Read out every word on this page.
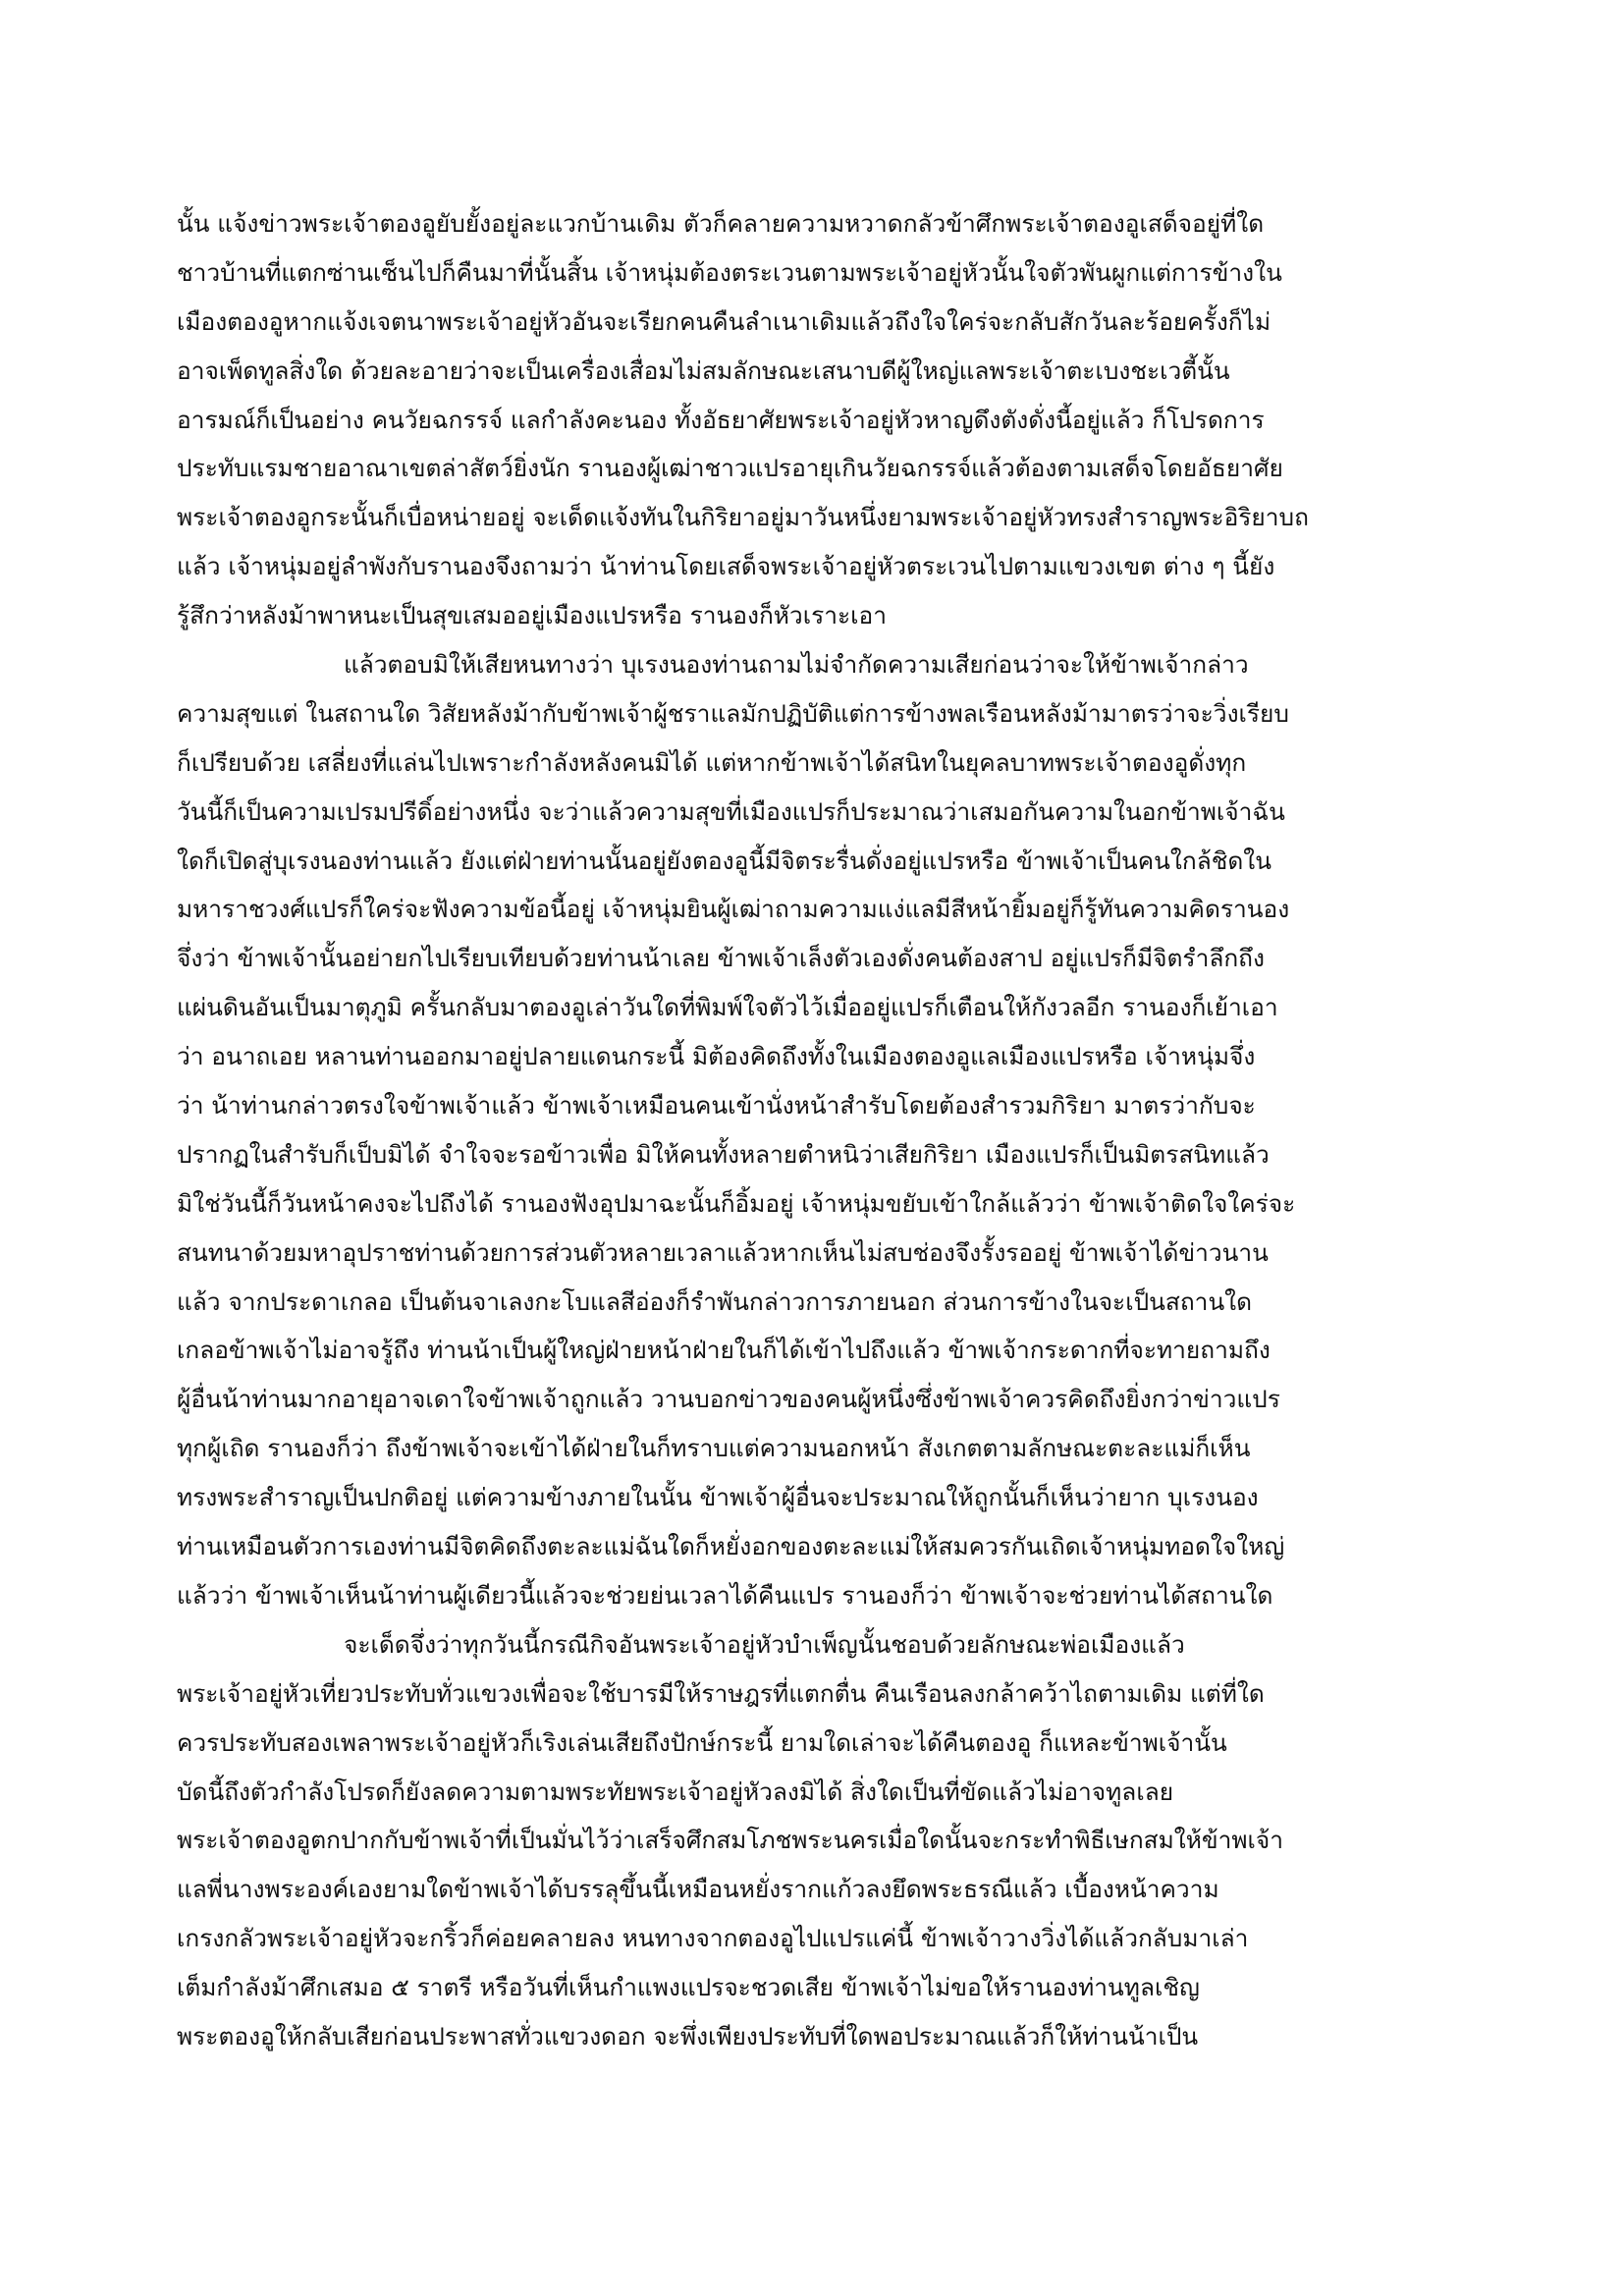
นั้น แจ้งข่าวพระเจ้าตองอูยับยั้งอยู่ละแวกบ้านเดิม ตัวก็คลายความหวาดกลัวข้าศึกพระเจ้าตองอูเสด็จอยู่ที่ใด
ชาวบ้านที่แตกซ่านเซ็นไปก็คืนมาที่นั้นสิ้น เจ้าหนุ่มต้องตระเวนตามพระเจ้าอยู่หัวนั้นใจตัวพันผูกแต่การข้างใน
เมืองตองอูหากแจ้งเจตนาพระเจ้าอยู่หัวอันจะเรียกคนคืนลำเนาเดิมแล้วถึงใจใคร่จะกลับสักวันละร้อยครั้งก็ไม่
อาจเพ็ดทูลสิ่งใด ด้วยละอายว่าจะเป็นเครื่องเสื่อมไม่สมลักษณะเสนาบดีผู้ใหญ่แลพระเจ้าตะเบงชะเวตี้นั้น
อารมณ์ก็เป็นอย่าง คนวัยฉกรรจ์ แลกำลังคะนอง ทั้งอัธยาศัยพระเจ้าอยู่หัวหาญดึงตังดั่งนี้อยู่แล้ว ก็โปรดการ
ประทับแรมชายอาณาเขตล่าสัตว์ยิ่งนัก รานองผู้เฒ่าชาวแปรอายุเกินวัยฉกรรจ์แล้วต้องตามเสด็จโดยอัธยาศัย
พระเจ้าตองอูกระนั้นก็เบื่อหน่ายอยู่ จะเด็ดแจ้งทันในกิริยาอยู่มาวันหนึ่งยามพระเจ้าอยู่หัวทรงสำราญพระอิริยาบถ
แล้ว เจ้าหนุ่มอยู่ลำพังกับรานองจึงถามว่า น้าท่านโดยเสด็จพระเจ้าอยู่หัวตระเวนไปตามแขวงเขต ต่าง ๆ นี้ยัง
รู้สึกว่าหลังม้าพาหนะเป็นสุขเสมออยู่เมืองแปรหรือ รานองก็หัวเราะเอา
แล้วตอบมิให้เสียหนทางว่า บุเรงนองท่านถามไม่จำกัดความเสียก่อนว่าจะให้ข้าพเจ้ากล่าว
ความสุขแต่ ในสถานใด วิสัยหลังม้ากับข้าพเจ้าผู้ชราแลมักปฏิบัติแต่การข้างพลเรือนหลังม้ามาตรว่าจะวิ่งเรียบ
ก็เปรียบด้วย เสลี่ยงที่แล่นไปเพราะกำลังหลังคนมิได้ แต่หากข้าพเจ้าได้สนิทในยุคลบาทพระเจ้าตองอูดั่งทุก
วันนี้ก็เป็นความเปรมปรีดิ์อย่างหนึ่ง จะว่าแล้วความสุขที่เมืองแปรก็ประมาณว่าเสมอกันความในอกข้าพเจ้าฉัน
ใดก็เปิดสู่บุเรงนองท่านแล้ว ยังแต่ฝ่ายท่านนั้นอยู่ยังตองอูนี้มีจิตระรื่นดั่งอยู่แปรหรือ ข้าพเจ้าเป็นคนใกล้ชิดใน
มหาราชวงศ์แปรก็ใคร่จะฟังความข้อนี้อยู่ เจ้าหนุ่มยินผู้เฒ่าถามความแง่แลมีสีหน้ายิ้มอยู่ก็รู้ทันความคิดรานอง
จึ่งว่า ข้าพเจ้านั้นอย่ายกไปเรียบเทียบด้วยท่านน้าเลย ข้าพเจ้าเล็งตัวเองดั่งคนต้องสาป อยู่แปรก็มีจิตรำลึกถึง
แผ่นดินอันเป็นมาตุภูมิ ครั้นกลับมาตองอูเล่าวันใดที่พิมพ์ใจตัวไว้เมื่ออยู่แปรก็เตือนให้กังวลอีก รานองก็เย้าเอา
ว่า อนาถเอย หลานท่านออกมาอยู่ปลายแดนกระนี้ มิต้องคิดถึงทั้งในเมืองตองอูแลเมืองแปรหรือ เจ้าหนุ่มจึ่ง
ว่า น้าท่านกล่าวตรงใจข้าพเจ้าแล้ว ข้าพเจ้าเหมือนคนเข้านั่งหน้าสำรับโดยต้องสำรวมกิริยา มาตรว่ากับจะ
ปรากฏในสำรับก็เป็บมิได้ จำใจจะรอข้าวเพื่อ มิให้คนทั้งหลายตำหนิว่าเสียกิริยา เมืองแปรก็เป็นมิตรสนิทแล้ว
มิใช่วันนี้ก็วันหน้าคงจะไปถึงได้ รานองฟังอุปมาฉะนั้นก็อิ้มอยู่ เจ้าหนุ่มขยับเข้าใกล้แล้วว่า ข้าพเจ้าติดใจใคร่จะ
สนทนาด้วยมหาอุปราชท่านด้วยการส่วนตัวหลายเวลาแล้วหากเห็นไม่สบช่องจึงรั้งรออยู่ ข้าพเจ้าได้ข่าวนาน
แล้ว จากประดาเกลอ เป็นต้นจาเลงกะโบแลสีอ่องก็รำพันกล่าวการภายนอก ส่วนการข้างในจะเป็นสถานใด
เกลอข้าพเจ้าไม่อาจรู้ถึง ท่านน้าเป็นผู้ใหญ่ฝ่ายหน้าฝ่ายในก็ได้เข้าไปถึงแล้ว ข้าพเจ้ากระดากที่จะทายถามถึง
ผู้อื่นน้าท่านมากอายุอาจเดาใจข้าพเจ้าถูกแล้ว วานบอกข่าวของคนผู้หนึ่งซึ่งข้าพเจ้าควรคิดถึงยิ่งกว่าข่าวแปร
ทุกผู้เถิด รานองก็ว่า ถึงข้าพเจ้าจะเข้าได้ฝ่ายในก็ทราบแต่ความนอกหน้า สังเกตตามลักษณะตะละแม่ก็เห็น
ทรงพระสำราญเป็นปกติอยู่ แต่ความข้างภายในนั้น ข้าพเจ้าผู้อื่นจะประมาณให้ถูกนั้นก็เห็นว่ายาก บุเรงนอง
ท่านเหมือนตัวการเองท่านมีจิตคิดถึงตะละแม่ฉันใดก็หยั่งอกของตะละแม่ให้สมควรกันเถิดเจ้าหนุ่มทอดใจใหญ่
แล้วว่า ข้าพเจ้าเห็นน้าท่านผู้เดียวนี้แล้วจะช่วยย่นเวลาได้คืนแปร รานองก็ว่า ข้าพเจ้าจะช่วยท่านได้สถานใด
จะเด็ดจึ่งว่าทุกวันนี้กรณีกิจอันพระเจ้าอยู่หัวบำเพ็ญนั้นชอบด้วยลักษณะพ่อเมืองแล้ว
พระเจ้าอยู่หัวเที่ยวประทับทั่วแขวงเพื่อจะใช้บารมีให้ราษฎรที่แตกตื่น คืนเรือนลงกล้าคว้าไถตามเดิม แต่ที่ใด
ควรประทับสองเพลาพระเจ้าอยู่หัวก็เริงเล่นเสียถึงปักษ์กระนี้ ยามใดเล่าจะได้คืนตองอู ก็แหละข้าพเจ้านั้น
บัดนี้ถึงตัวกำลังโปรดก็ยังลดความตามพระทัยพระเจ้าอยู่หัวลงมิได้ สิ่งใดเป็นที่ขัดแล้วไม่อาจทูลเลย
พระเจ้าตองอูตกปากกับข้าพเจ้าที่เป็นมั่นไว้ว่าเสร็จศึกสมโภชพระนครเมื่อใดนั้นจะกระทำพิธีเษกสมให้ข้าพเจ้า
แลพี่นางพระองค์เองยามใดข้าพเจ้าได้บรรลุขึ้นนี้เหมือนหยั่งรากแก้วลงยึดพระธรณีแล้ว เบื้องหน้าความ
เกรงกลัวพระเจ้าอยู่หัวจะกริ้วก็ค่อยคลายลง หนทางจากตองอูไปแปรแค่นี้ ข้าพเจ้าวางวิ่งได้แล้วกลับมาเล่า
เต็มกำลังม้าศึกเสมอ ๕ ราตรี หรือวันที่เห็นกำแพงแปรจะชวดเสีย ข้าพเจ้าไม่ขอให้รานองท่านทูลเชิญ
พระตองอูให้กลับเสียก่อนประพาสทั่วแขวงดอก จะพึ่งเพียงประทับที่ใดพอประมาณแล้วก็ให้ท่านน้าเป็น
